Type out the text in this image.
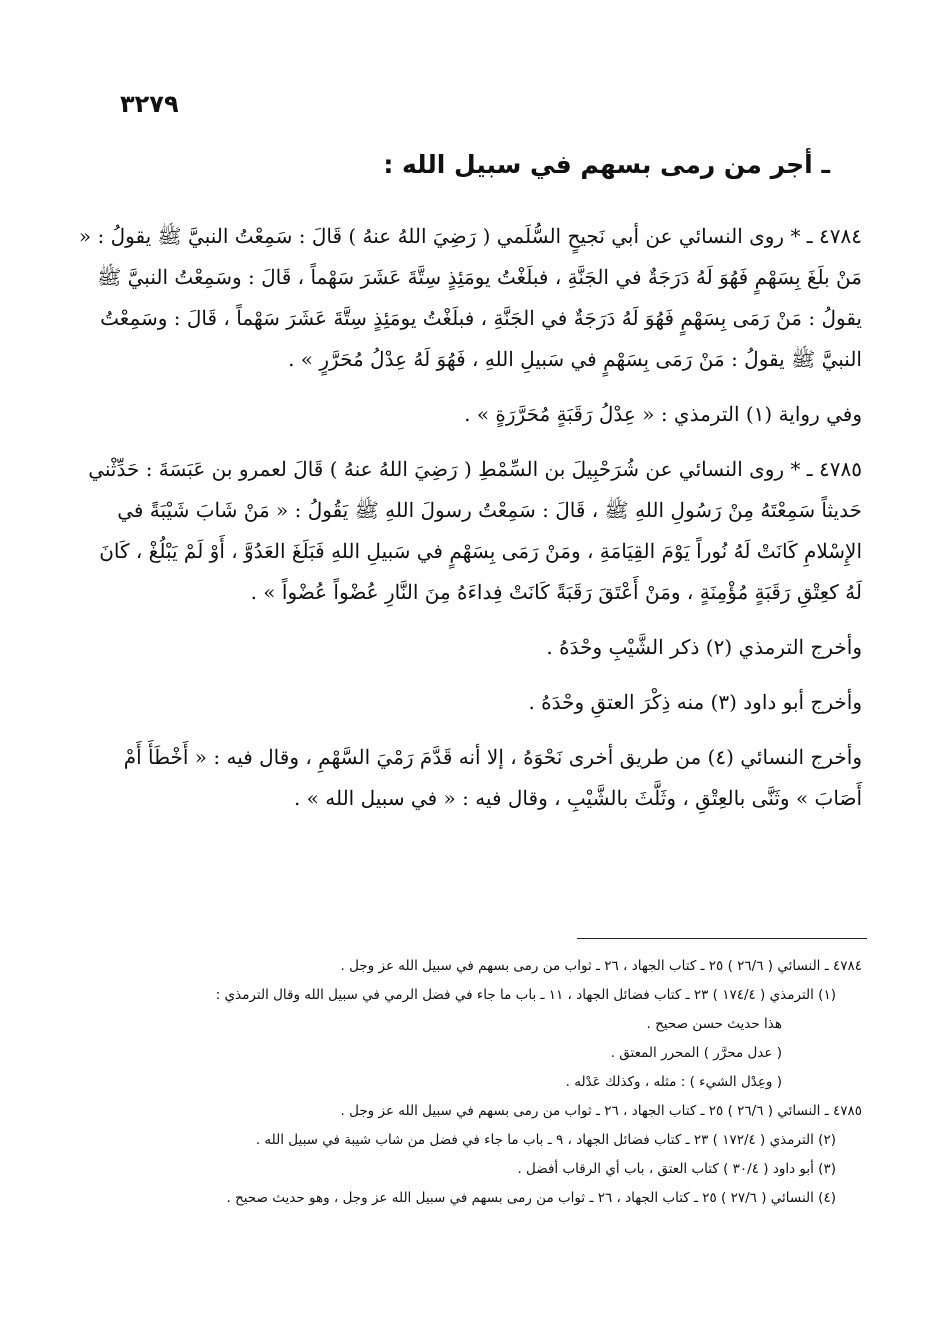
٣٢٧٩
ـ أجر من رمى بسهم في سبيل الله :

٤٧٨٤ ـ * روى النسائي عن أبي نَجيحٍ السُّلَمي ( رَضِيَ اللهُ عنهُ ) قَالَ : سَمِعْتُ النبيَّ ﷺ يقولُ : « مَنْ بلَغَ بِسَهْمٍ فَهُوَ لَهُ دَرَجَةٌ في الجَنَّةِ ، فبلَغْتُ يومَئِذٍ سِتَّةَ عَشَرَ سَهْماً ، قَالَ : وسَمِعْتُ النبيَّ ﷺ يقولُ : مَنْ رَمَى بِسَهْمٍ فَهُوَ لَهُ دَرَجَةٌ في الجَنَّةِ ، فبلَغْتُ يومَئِذٍ سِتَّةَ عَشَرَ سَهْماً ، قَالَ : وسَمِعْتُ النبيَّ ﷺ يقولُ : مَنْ رَمَى بِسَهْمٍ في سَبيلِ اللهِ ، فَهُوَ لَهُ عِدْلُ مُحَرَّرٍ » .

وفي رواية (١) الترمذي : « عِدْلُ رَقَبَةٍ مُحَرَّرَةٍ » .

٤٧٨٥ ـ * روى النسائي عن شُرَحْبِيلَ بن السِّمْطِ ( رَضِيَ اللهُ عنهُ ) قَالَ لعمرو بن عَبَسَةَ : حَدِّثْني حَديثاً سَمِعْتَهُ مِنْ رَسُولِ اللهِ ﷺ ، قَالَ : سَمِعْتُ رسولَ اللهِ ﷺ يَقُولُ : « مَنْ شَابَ شَيْبَةً في الإِسْلامِ كَانَتْ لَهُ نُوراً يَوْمَ القِيَامَةِ ، ومَنْ رَمَى بِسَهْمٍ في سَبيلِ اللهِ فَبَلَغَ العَدُوَّ ، أَوْ لَمْ يَبْلُغْ ، كَانَ لَهُ كعِتْقِ رَقَبَةٍ مُؤْمِنَةٍ ، ومَنْ أَعْتَقَ رَقَبَةً كَانَتْ فِداءَهُ مِنَ النَّارِ عُضْواً عُضْواً » .

وأخرج الترمذي (٢) ذكر الشَّيْبِ وحْدَهُ .

وأخرج أبو داود (٣) منه ذِكْرَ العتقِ وحْدَهُ .

وأخرج النسائي (٤) من طريق أخرى نَحْوَهُ ، إلا أنه قَدَّمَ رَمْيَ السَّهْمِ ، وقال فيه : « أَخْطَأَ أَمْ أَصَابَ » وثَنَّى بالعِتْقِ ، وثَلَّثَ بالشَّيْبِ ، وقال فيه : « في سبيل الله » .

٤٧٨٤ ـ النسائي ( ٢٦/٦ ) ٢٥ ـ كتاب الجهاد ، ٢٦ ـ ثواب من رمى بسهم في سبيل الله عز وجل .

(١) الترمذي ( ١٧٤/٤ ) ٢٣ ـ كتاب فضائل الجهاد ، ١١ ـ باب ما جاء في فضل الرمي في سبيل الله وقال الترمذي :

هذا حديث حسن صحيح .

( عدل محرَّر ) المحرر المعتق .

( وعِدْل الشيء ) : مثله ، وكذلك عَدْله .

٤٧٨٥ ـ النسائي ( ٢٦/٦ ) ٢٥ ـ كتاب الجهاد ، ٢٦ ـ ثواب من رمى بسهم في سبيل الله عز وجل .

(٢) الترمذي ( ١٧٢/٤ ) ٢٣ ـ كتاب فضائل الجهاد ، ٩ ـ باب ما جاء في فضل من شاب شيبة في سبيل الله .

(٣) أبو داود ( ٣٠/٤ ) كتاب العتق ، باب أي الرقاب أفضل .

(٤) النسائي ( ٢٧/٦ ) ٢٥ ـ كتاب الجهاد ، ٢٦ ـ ثواب من رمى بسهم في سبيل الله عز وجل ، وهو حديث صحيح .
